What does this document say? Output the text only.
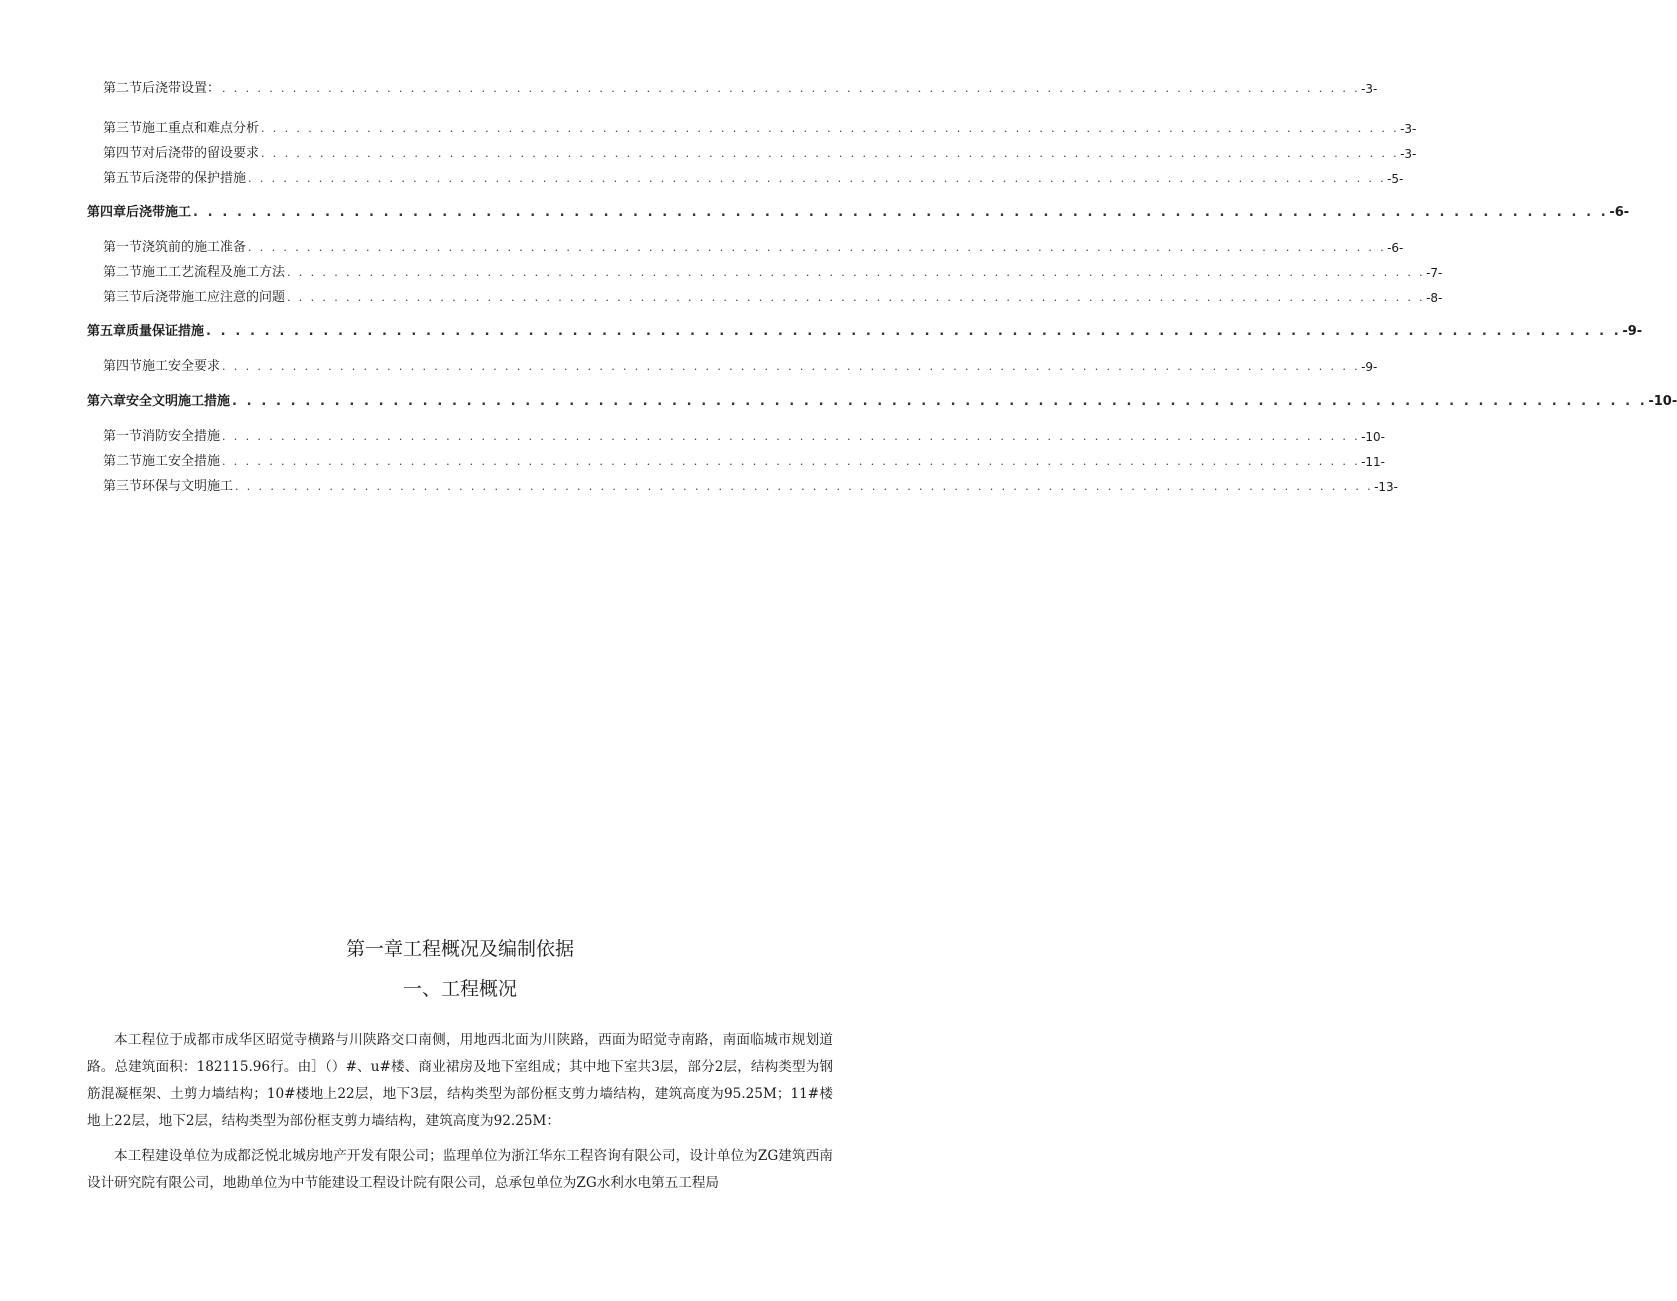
第二节后浇带设置： . . . . . . . . . . . . . . . . . . . . . . . . . . . . . . . . . . . . . . . . . . . . . . . . . . . . . . . . . . . . . . . . . . . . . . . . . . . . . . . . . . . . . . . . . . . . . . . . . -3-
第三节施工重点和难点分析 . . . . . . . . . . . . . . . . . . . . . . . . . . . . . . . . . . . . . . . . . . . . . . . . . . . . . . . . . . . . . . . . . . . . . . . . . . . . . . . . . . . . . . . . . . . . . . . . . -3-
第四节对后浇带的留设要求 . . . . . . . . . . . . . . . . . . . . . . . . . . . . . . . . . . . . . . . . . . . . . . . . . . . . . . . . . . . . . . . . . . . . . . . . . . . . . . . . . . . . . . . . . . . . . . . . . -3-
第五节后浇带的保护措施 . . . . . . . . . . . . . . . . . . . . . . . . . . . . . . . . . . . . . . . . . . . . . . . . . . . . . . . . . . . . . . . . . . . . . . . . . . . . . . . . . . . . . . . . . . . . . . . . . -5-
第四章后浇带施工 . . . . . . . . . . . . . . . . . . . . . . . . . . . . . . . . . . . . . . . . . . . . . . . . . . . . . . . . . . . . . . . . . . . . . . . . . . . . . . . . . . . . . . . . . . . . . . . . . -6-
第一节浇筑前的施工准备 . . . . . . . . . . . . . . . . . . . . . . . . . . . . . . . . . . . . . . . . . . . . . . . . . . . . . . . . . . . . . . . . . . . . . . . . . . . . . . . . . . . . . . . . . . . . . . . . . -6-
第二节施工工艺流程及施工方法 . . . . . . . . . . . . . . . . . . . . . . . . . . . . . . . . . . . . . . . . . . . . . . . . . . . . . . . . . . . . . . . . . . . . . . . . . . . . . . . . . . . . . . . . . . . . . . . . . -7-
第三节后浇带施工应注意的问题 . . . . . . . . . . . . . . . . . . . . . . . . . . . . . . . . . . . . . . . . . . . . . . . . . . . . . . . . . . . . . . . . . . . . . . . . . . . . . . . . . . . . . . . . . . . . . . . . . -8-
第五章质量保证措施 . . . . . . . . . . . . . . . . . . . . . . . . . . . . . . . . . . . . . . . . . . . . . . . . . . . . . . . . . . . . . . . . . . . . . . . . . . . . . . . . . . . . . . . . . . . . . . . . . -9-
第四节施工安全要求 . . . . . . . . . . . . . . . . . . . . . . . . . . . . . . . . . . . . . . . . . . . . . . . . . . . . . . . . . . . . . . . . . . . . . . . . . . . . . . . . . . . . . . . . . . . . . . . . . -9-
第六章安全文明施工措施 . . . . . . . . . . . . . . . . . . . . . . . . . . . . . . . . . . . . . . . . . . . . . . . . . . . . . . . . . . . . . . . . . . . . . . . . . . . . . . . . . . . . . . . . . . . . . . . . . -10-
第一节消防安全措施 . . . . . . . . . . . . . . . . . . . . . . . . . . . . . . . . . . . . . . . . . . . . . . . . . . . . . . . . . . . . . . . . . . . . . . . . . . . . . . . . . . . . . . . . . . . . . . . . . -10-
第二节施工安全措施 . . . . . . . . . . . . . . . . . . . . . . . . . . . . . . . . . . . . . . . . . . . . . . . . . . . . . . . . . . . . . . . . . . . . . . . . . . . . . . . . . . . . . . . . . . . . . . . . . -11-
第三节环保与文明施工 . . . . . . . . . . . . . . . . . . . . . . . . . . . . . . . . . . . . . . . . . . . . . . . . . . . . . . . . . . . . . . . . . . . . . . . . . . . . . . . . . . . . . . . . . . . . . . . . . -13-
第一章工程概况及编制依据
一、工程概况

本工程位于成都市成华区昭觉寺横路与川陕路交口南侧，用地西北面为川陕路，西面为昭觉寺南路，南面临城市规划道路。总建筑面积：182115.96行。由］（）#、u#楼、商业裙房及地下室组成；其中地下室共3层，部分2层，结构类型为钢筋混凝框架、土剪力墙结构；10#楼地上22层，地下3层，结构类型为部份框支剪力墙结构，建筑高度为95.25M；11#楼地上22层，地下2层，结构类型为部份框支剪力墙结构，建筑高度为92.25M：

本工程建设单位为成都泛悦北城房地产开发有限公司；监理单位为浙江华东工程咨询有限公司，设计单位为ZG建筑西南设计研究院有限公司，地勘单位为中节能建设工程设计院有限公司，总承包单位为ZG水利水电第五工程局
